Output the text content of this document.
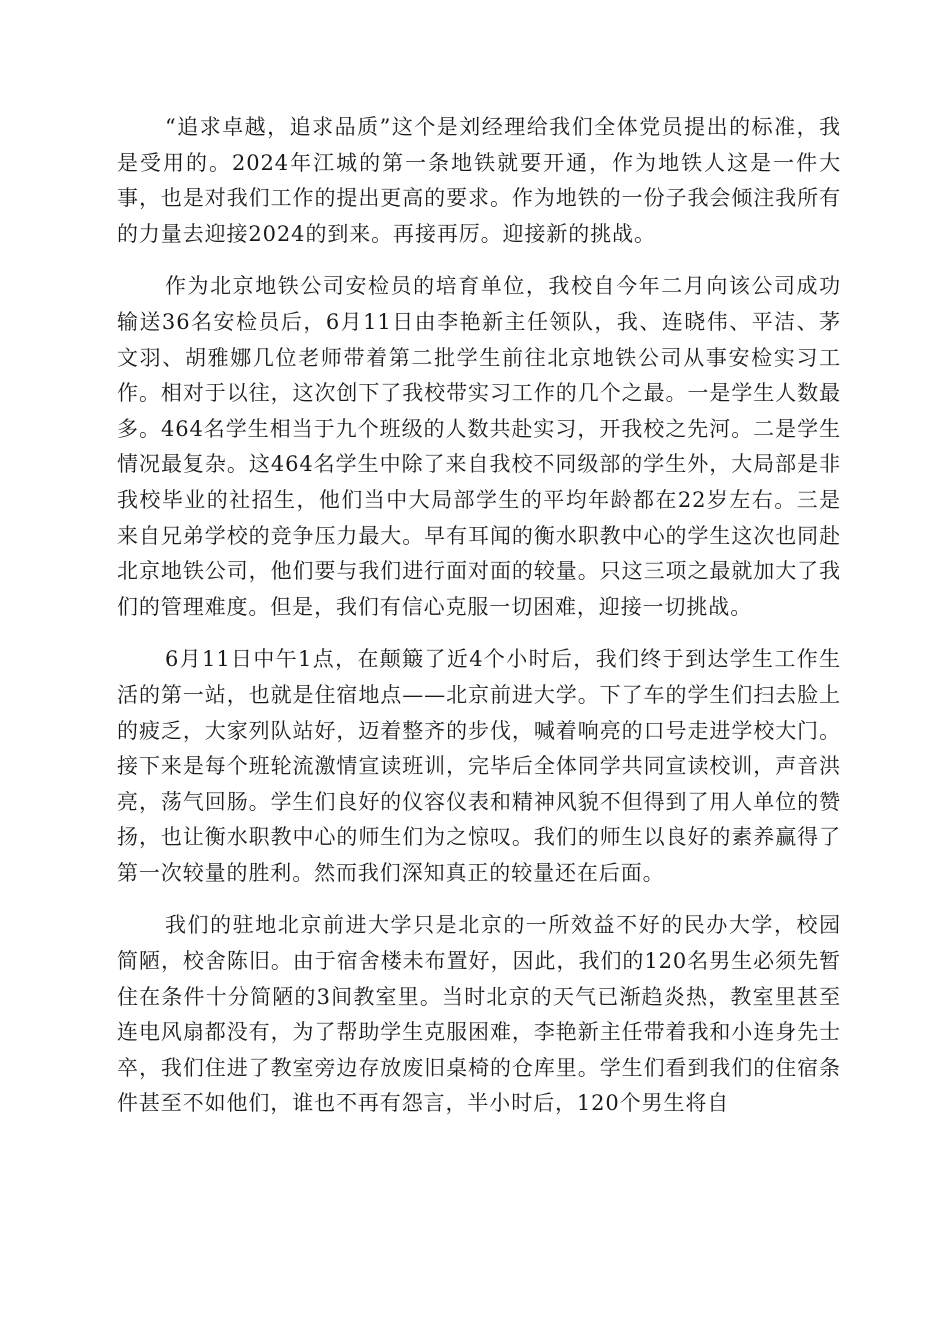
“追求卓越，追求品质”这个是刘经理给我们全体党员提出的标准，我是受用的。2024年江城的第一条地铁就要开通，作为地铁人这是一件大事，也是对我们工作的提出更高的要求。作为地铁的一份子我会倾注我所有的力量去迎接2024的到来。再接再厉。迎接新的挑战。

作为北京地铁公司安检员的培育单位，我校自今年二月向该公司成功输送36名安检员后，6月11日由李艳新主任领队，我、连晓伟、平洁、茅文羽、胡雅娜几位老师带着第二批学生前往北京地铁公司从事安检实习工作。相对于以往，这次创下了我校带实习工作的几个之最。一是学生人数最多。464名学生相当于九个班级的人数共赴实习，开我校之先河。二是学生情况最复杂。这464名学生中除了来自我校不同级部的学生外，大局部是非我校毕业的社招生，他们当中大局部学生的平均年龄都在22岁左右。三是来自兄弟学校的竞争压力最大。早有耳闻的衡水职教中心的学生这次也同赴北京地铁公司，他们要与我们进行面对面的较量。只这三项之最就加大了我们的管理难度。但是，我们有信心克服一切困难，迎接一切挑战。

6月11日中午1点，在颠簸了近4个小时后，我们终于到达学生工作生活的第一站，也就是住宿地点——北京前进大学。下了车的学生们扫去脸上的疲乏，大家列队站好，迈着整齐的步伐，喊着响亮的口号走进学校大门。接下来是每个班轮流激情宣读班训，完毕后全体同学共同宣读校训，声音洪亮，荡气回肠。学生们良好的仪容仪表和精神风貌不但得到了用人单位的赞扬，也让衡水职教中心的师生们为之惊叹。我们的师生以良好的素养赢得了第一次较量的胜利。然而我们深知真正的较量还在后面。

我们的驻地北京前进大学只是北京的一所效益不好的民办大学，校园简陋，校舍陈旧。由于宿舍楼未布置好，因此，我们的120名男生必须先暂住在条件十分简陋的3间教室里。当时北京的天气已渐趋炎热，教室里甚至连电风扇都没有，为了帮助学生克服困难，李艳新主任带着我和小连身先士卒，我们住进了教室旁边存放废旧桌椅的仓库里。学生们看到我们的住宿条件甚至不如他们，谁也不再有怨言，半小时后，120个男生将自
